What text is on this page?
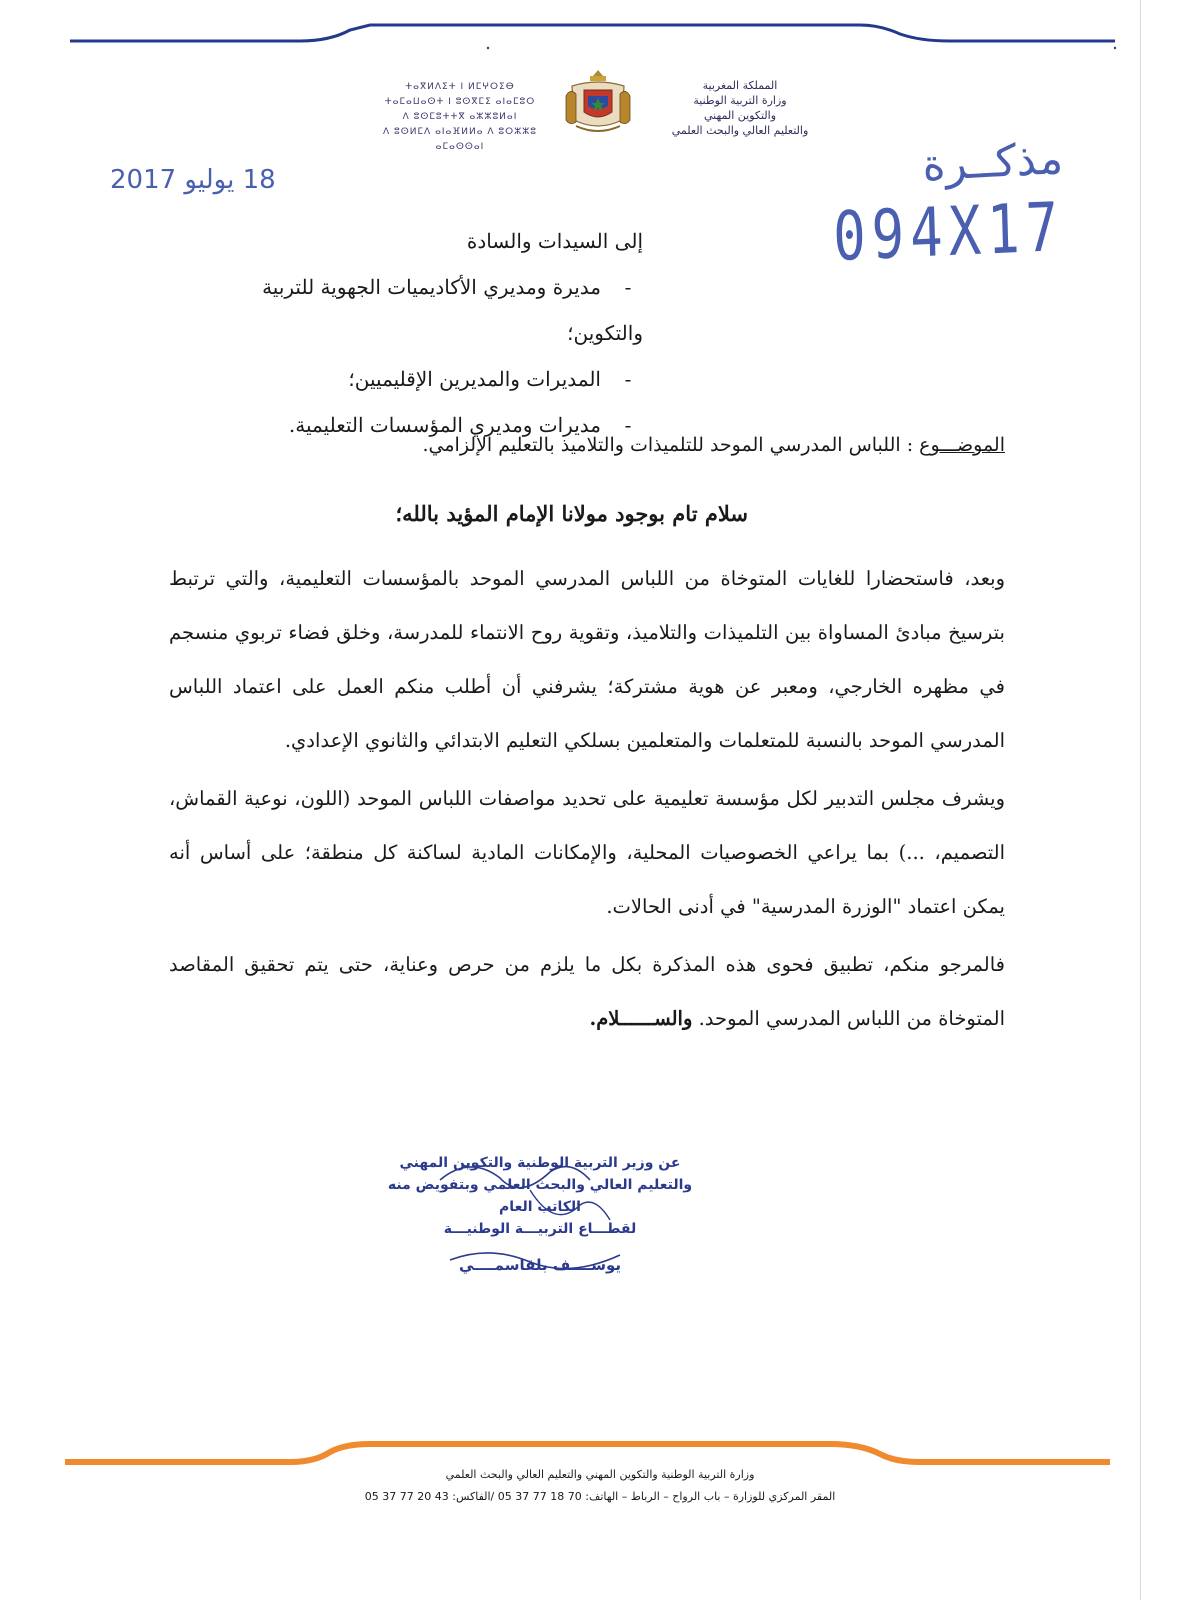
ⵜⴰⴳⵍⴷⵉⵜ ⵏ ⵍⵎⵖⵔⵉⴱ
ⵜⴰⵎⴰⵡⴰⵙⵜ ⵏ ⵓⵙⴳⵎⵉ ⴰⵏⴰⵎⵓⵔ
ⴷ ⵓⵙⵎⵓⵜⵜⴳ ⴰⵣⵣⵓⵍⴰⵏ
ⴷ ⵓⵙⵍⵎⴷ ⴰⵏⴰⴼⵍⵍⴰ ⴷ ⵓⵔⵣⵣⵓ ⴰⵎⴰⵙⵙⴰⵏ
المملكة المغربية
وزارة التربية الوطنية
والتكوين المهني
والتعليم العالي والبحث العلمي
18 يوليو 2017	مذكــرة
094X17
إلى السيدات والسادة
- مديرة ومديري الأكاديميات الجهوية للتربية والتكوين؛
- المديرات والمديرين الإقليميين؛
- مديرات ومديري المؤسسات التعليمية.
الموضـــوع : اللباس المدرسي الموحد للتلميذات والتلاميذ بالتعليم الإلزامي.
سلام تام بوجود مولانا الإمام المؤيد بالله؛
وبعد، فاستحضارا للغايات المتوخاة من اللباس المدرسي الموحد بالمؤسسات التعليمية، والتي ترتبط بترسيخ مبادئ المساواة بين التلميذات والتلاميذ، وتقوية روح الانتماء للمدرسة، وخلق فضاء تربوي منسجم في مظهره الخارجي، ومعبر عن هوية مشتركة؛ يشرفني أن أطلب منكم العمل على اعتماد اللباس المدرسي الموحد بالنسبة للمتعلمات والمتعلمين بسلكي التعليم الابتدائي والثانوي الإعدادي.
ويشرف مجلس التدبير لكل مؤسسة تعليمية على تحديد مواصفات اللباس الموحد (اللون، نوعية القماش، التصميم، ...) بما يراعي الخصوصيات المحلية، والإمكانات المادية لساكنة كل منطقة؛ على أساس أنه يمكن اعتماد "الوزرة المدرسية" في أدنى الحالات.
فالمرجو منكم، تطبيق فحوى هذه المذكرة بكل ما يلزم من حرص وعناية، حتى يتم تحقيق المقاصد المتوخاة من اللباس المدرسي الموحد. والســــــلام.
عن وزير التربية الوطنية والتكوين المهني
والتعليم العالي والبحث العلمي وبتفويض منه
الكاتب العام
لقطـــاع التربيـــة الوطنيـــة
يوســــف بلقاسمــــي
وزارة التربية الوطنية والتكوين المهني والتعليم العالي والبحث العلمي
المقر المركزي للوزارة – باب الرواح – الرباط – الهاتف: 70 18 77 37 05 /الفاكس: 43 20 77 37 05
